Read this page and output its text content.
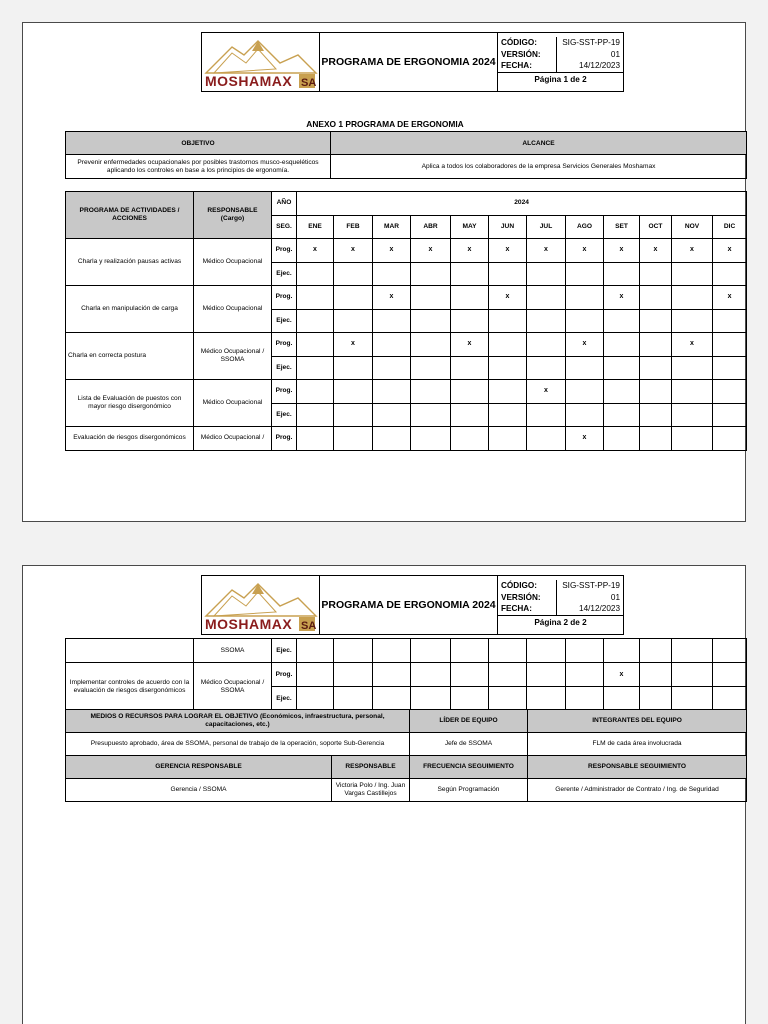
MOSHAMAX SA
	PROGRAMA DE ERGONOMIA 2024	
CÓDIGO:	SIG-SST-PP-19
VERSIÓN:	01
FECHA:	14/12/2023
Página 1 de 2
ANEXO 1 PROGRAMA DE ERGONOMIA
OBJETIVO	ALCANCE
Prevenir enfermedades ocupacionales por posibles trastornos musco-esqueléticos aplicando los controles en base a los principios de ergonomía.	Aplica a todos los colaboradores de la empresa Servicios Generales Moshamax
PROGRAMA DE ACTIVIDADES / ACCIONES	RESPONSABLE (Cargo)	AÑO	2024											
		SEG.	ENE	FEB	MAR	ABR	MAY	JUN	JUL	AGO	SET	OCT	NOV	DIC
Charla y realización pausas activas	Médico Ocupacional	Prog.	x	x	x	x	x	x	x	x	x	x	x	x
		Ejec.												
Charla en manipulación de carga	Médico Ocupacional	Prog.			x			x			x			x
		Ejec.												
Charla en correcta postura	Médico Ocupacional / SSOMA	Prog.		x			x			x			x	
		Ejec.												
Lista de Evaluación de puestos con mayor riesgo disergonómico	Médico Ocupacional	Prog.							x					
		Ejec.												
Evaluación de riesgos disergonómicos	Médico Ocupacional /	Prog.								x				
MOSHAMAX SA
	PROGRAMA DE ERGONOMIA 2024	
CÓDIGO:	SIG-SST-PP-19
VERSIÓN:	01
FECHA:	14/12/2023
Página 2 de 2
	SSOMA	Ejec.												
Implementar controles de acuerdo con la evaluación de riesgos disergonómicos	Médico Ocupacional / SSOMA	Prog.									x			
		Ejec.												
MEDIOS O RECURSOS PARA LOGRAR EL OBJETIVO (Económicos, infraestructura, personal, capacitaciones, etc.)		LÍDER DE EQUIPO	INTEGRANTES DEL EQUIPO
Presupuesto aprobado, área de SSOMA, personal de trabajo de la operación, soporte Sub-Gerencia		Jefe de SSOMA	FLM de cada área involucrada
GERENCIA RESPONSABLE	RESPONSABLE	FRECUENCIA SEGUIMIENTO	RESPONSABLE SEGUIMIENTO
Gerencia / SSOMA	Victoria Polo / Ing. Juan Vargas Castillejos	Según Programación	Gerente / Administrador de Contrato / Ing. de Seguridad
